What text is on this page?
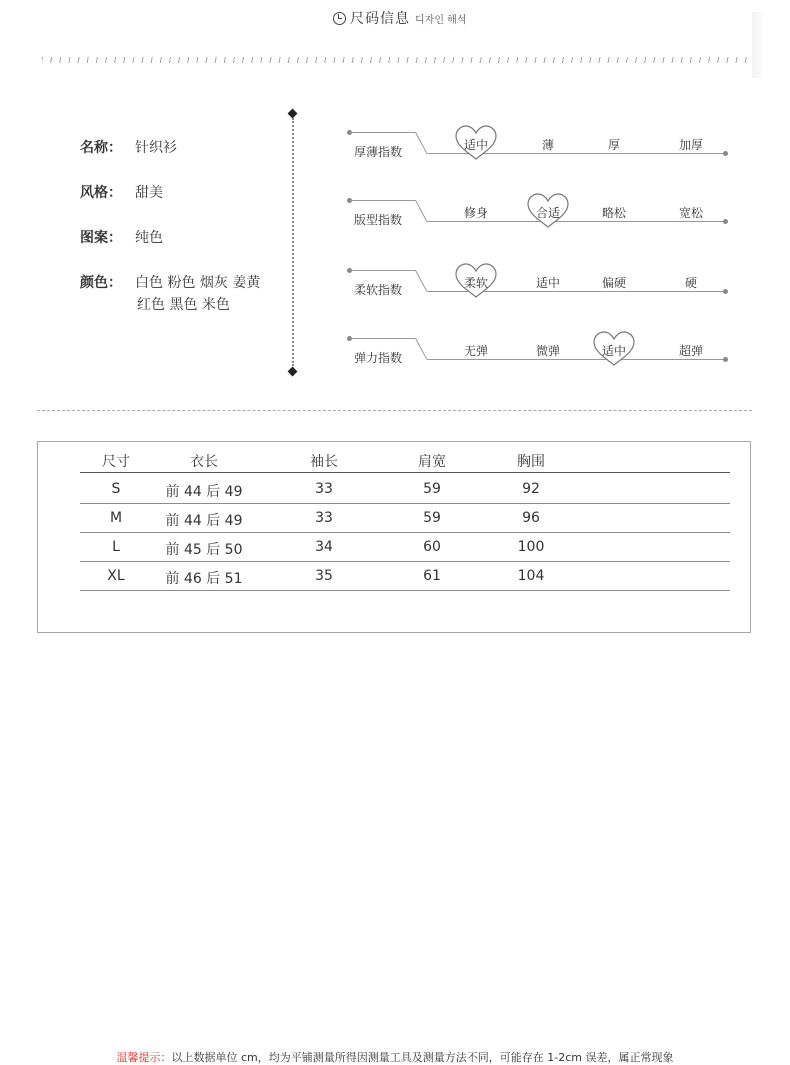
尺码信息 디자인 해석
名称： 针织衫
风格： 甜美
图案： 纯色
颜色： 白色 粉色 烟灰 姜黄
红色 黑色 米色
厚薄指数	适中	薄	厚	加厚
版型指数	修身	合适	略松	宽松
柔软指数	柔软	适中	偏硬	硬
弹力指数	无弹	微弹	适中	超弹
尺寸	衣长	袖长	肩宽	胸围
S	前 44 后 49	33	59	92
M	前 44 后 49	33	59	96
L	前 45 后 50	34	60	100
XL	前 46 后 51	35	61	104
温馨提示：以上数据单位 cm，均为平铺测量所得因测量工具及测量方法不同，可能存在 1-2cm 误差，属正常现象
